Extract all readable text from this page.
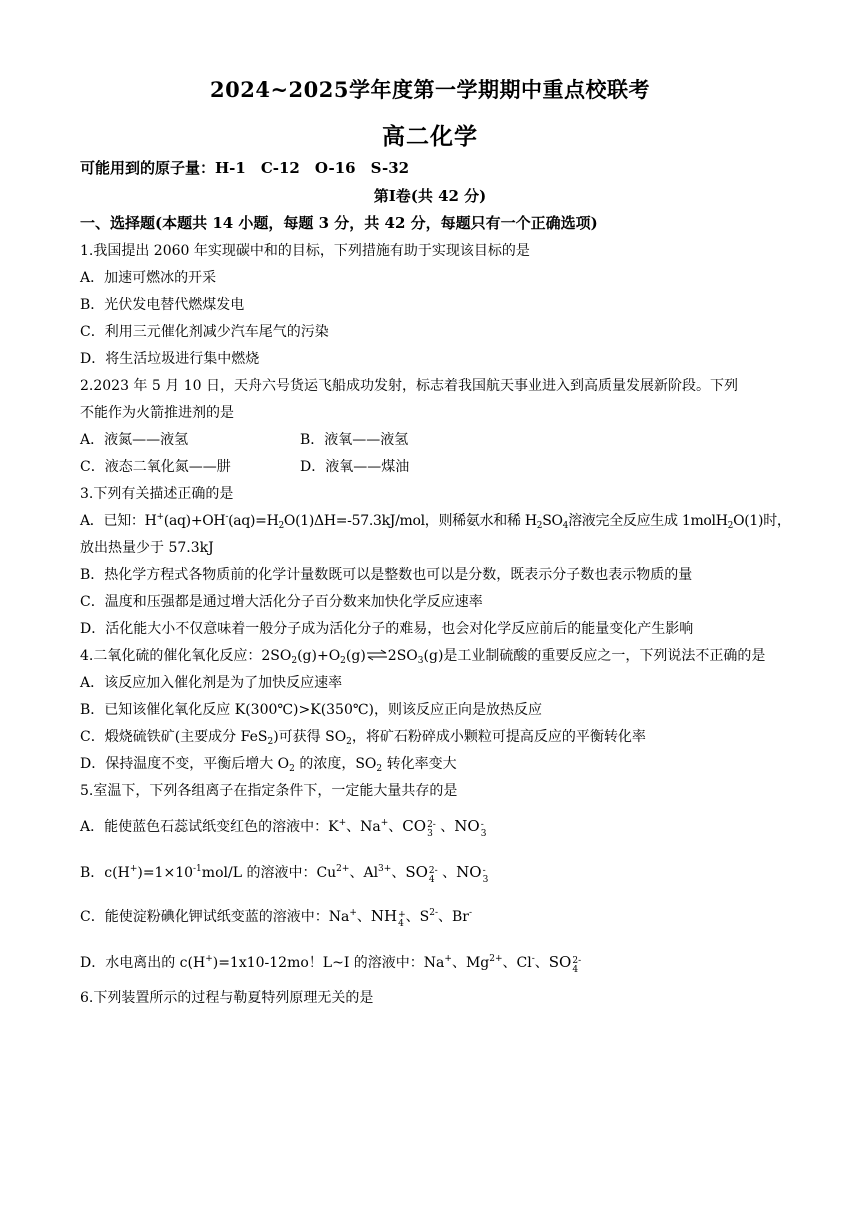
2024~2025学年度第一学期期中重点校联考
高二化学
可能用到的原子量：H-1　C-12　O-16　S-32
第Ⅰ卷(共 42 分)
一、选择题(本题共 14 小题，每题 3 分，共 42 分，每题只有一个正确选项)
1.我国提出 2060 年实现碳中和的目标，下列措施有助于实现该目标的是
A．加速可燃冰的开采
B．光伏发电替代燃煤发电
C．利用三元催化剂减少汽车尾气的污染
D．将生活垃圾进行集中燃烧
2.2023 年 5 月 10 日，天舟六号货运飞船成功发射，标志着我国航天事业进入到高质量发展新阶段。下列
不能作为火箭推进剂的是
A．液氮——液氢	B．液氧——液氢
C．液态二氧化氮——肼	D．液氧——煤油
3.下列有关描述正确的是
A．已知：$H^+(aq)+OH^-(aq)=H_2O(1)\Delta H=-57.3kJ$/mol，则稀氨水和稀 $H_2SO_4$溶液完全反应生成 1molH$_2$O(1)时，
放出热量少于 57.3kJ
B．热化学方程式各物质前的化学计量数既可以是整数也可以是分数，既表示分子数也表示物质的量
C．温度和压强都是通过增大活化分子百分数来加快化学反应速率
D．活化能大小不仅意味着一般分子成为活化分子的难易，也会对化学反应前后的能量变化产生影响
4.二氧化硫的催化氧化反应：$2SO_2(g)+O_2(g)\rightleftharpoons 2SO_3(g)$是工业制硫酸的重要反应之一，下列说法不正确的是
A．该反应加入催化剂是为了加快反应速率
B．已知该催化氧化反应 K(300℃)>K(350℃)，则该反应正向是放热反应
C．煅烧硫铁矿(主要成分 FeS$_2$)可获得 $SO_2$，将矿石粉碎成小颗粒可提高反应的平衡转化率
D．保持温度不变，平衡后增大 $O_2$ 的浓度，$SO_2$ 转化率变大
5.室温下，下列各组离子在指定条件下，一定能大量共存的是
A．能使蓝色石蕊试纸变红色的溶液中：K+、Na+、CO 2-
3 、NO -
3
B．$c(H^+)=1\times 10^{-1}mol/L$ 的溶液中：$Cu^{2+}$、$Al^{3+}$、SO 2-
4 、NO -
3
C．能使淀粉碘化钾试纸变蓝的溶液中：Na+、NH +
4 、$S^{2-}$、Br-
D．水电离出的 c(H+)=1x10-12mo！L~I 的溶液中：Na+、$Mg^{2+}$、Cl-、SO 2-
4
6.下列装置所示的过程与勒夏特列原理无关的是
